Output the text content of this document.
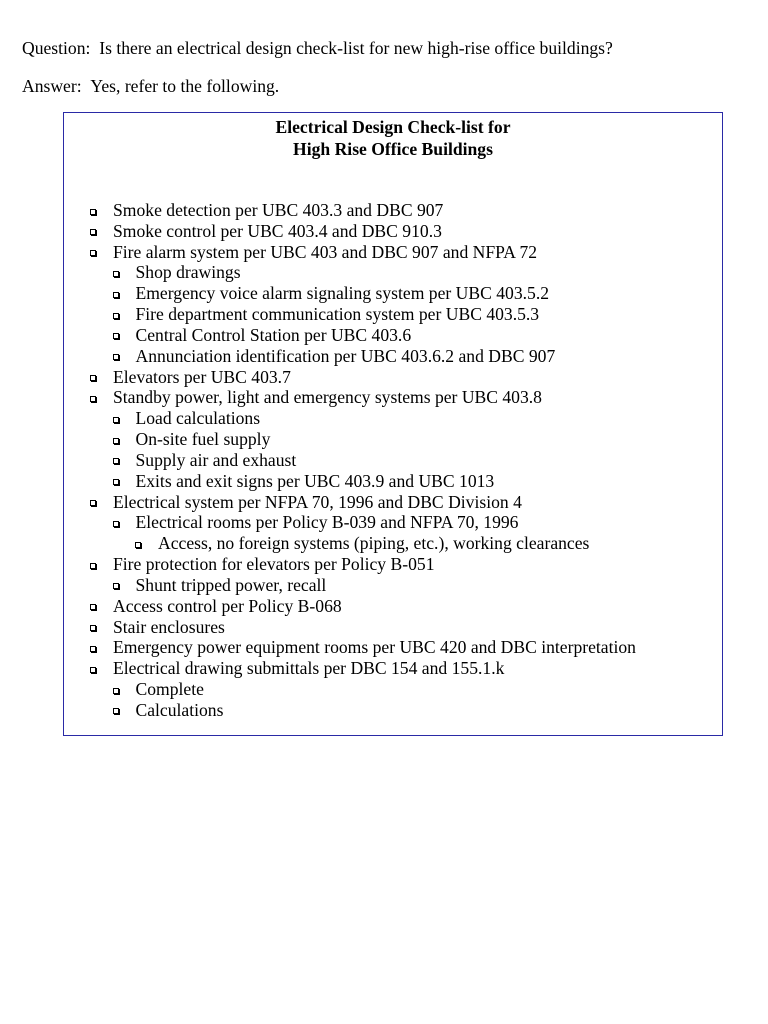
Question: Is there an electrical design check-list for new high-rise office buildings?
Answer: Yes, refer to the following.
Electrical Design Check-list for
High Rise Office Buildings
Smoke detection per UBC 403.3 and DBC 907
Smoke control per UBC 403.4 and DBC 910.3
Fire alarm system per UBC 403 and DBC 907 and NFPA 72
Shop drawings
Emergency voice alarm signaling system per UBC 403.5.2
Fire department communication system per UBC 403.5.3
Central Control Station per UBC 403.6
Annunciation identification per UBC 403.6.2 and DBC 907
Elevators per UBC 403.7
Standby power, light and emergency systems per UBC 403.8
Load calculations
On-site fuel supply
Supply air and exhaust
Exits and exit signs per UBC 403.9 and UBC 1013
Electrical system per NFPA 70, 1996 and DBC Division 4
Electrical rooms per Policy B-039 and NFPA 70, 1996
Access, no foreign systems (piping, etc.), working clearances
Fire protection for elevators per Policy B-051
Shunt tripped power, recall
Access control per Policy B-068
Stair enclosures
Emergency power equipment rooms per UBC 420 and DBC interpretation
Electrical drawing submittals per DBC 154 and 155.1.k
Complete
Calculations
